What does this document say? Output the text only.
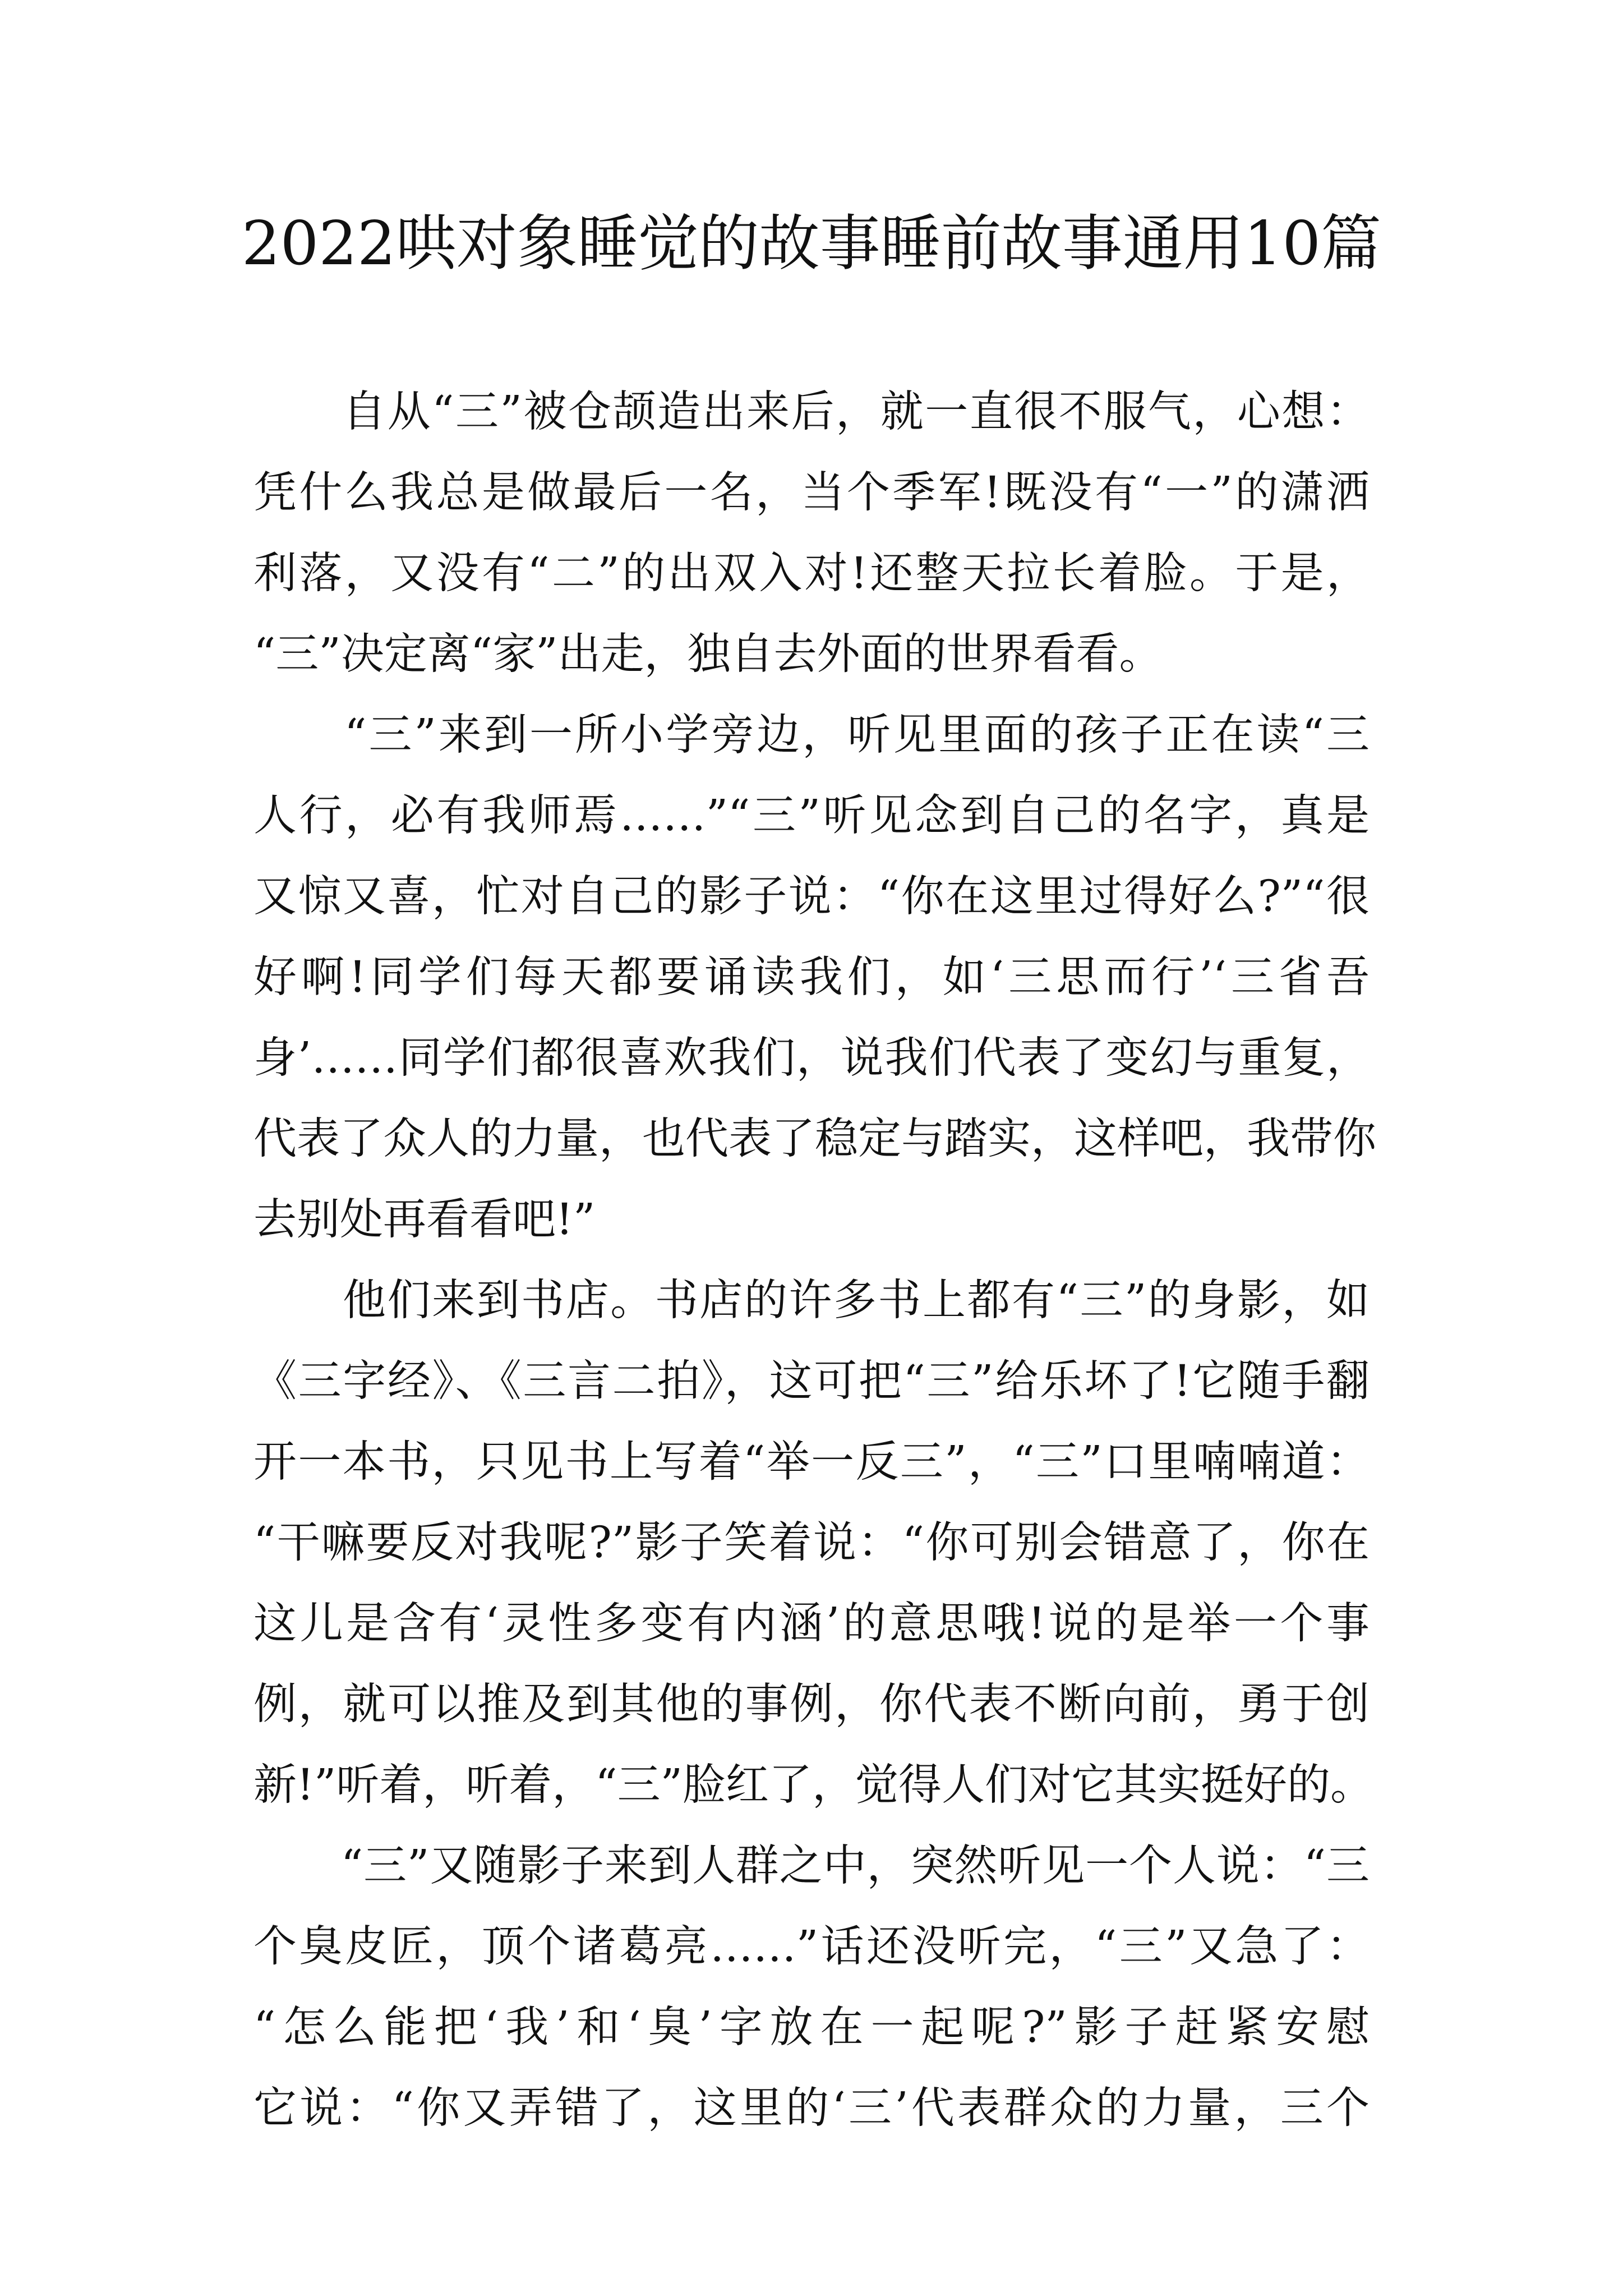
2022哄对象睡觉的故事睡前故事通用10篇
　　自从“三”被仓颉造出来后，就一直很不服气，心想：
凭什么我总是做最后一名，当个季军!既没有“一”的潇洒
利落，又没有“二”的出双入对!还整天拉长着脸。于是，
“三”决定离“家”出走，独自去外面的世界看看。
　　“三”来到一所小学旁边，听见里面的孩子正在读“三
人行，必有我师焉……”“三”听见念到自己的名字，真是
又惊又喜，忙对自己的影子说：“你在这里过得好么?”“很
好啊!同学们每天都要诵读我们，如‘三思而行’‘三省吾
身’……同学们都很喜欢我们，说我们代表了变幻与重复，
代表了众人的力量，也代表了稳定与踏实，这样吧，我带你
去别处再看看吧!”
　　他们来到书店。书店的许多书上都有“三”的身影，如
《三字经》、《三言二拍》，这可把“三”给乐坏了!它随手翻
开一本书，只见书上写着“举一反三”，“三”口里喃喃道：
“干嘛要反对我呢?”影子笑着说：“你可别会错意了，你在
这儿是含有‘灵性多变有内涵’的意思哦!说的是举一个事
例，就可以推及到其他的事例，你代表不断向前，勇于创
新!”听着，听着，“三”脸红了，觉得人们对它其实挺好的。
　　“三”又随影子来到人群之中，突然听见一个人说：“三
个臭皮匠，顶个诸葛亮……”话还没听完，“三”又急了：
“怎么能把‘我’和‘臭’字放在一起呢?”影子赶紧安慰
它说：“你又弄错了，这里的‘三’代表群众的力量，三个
